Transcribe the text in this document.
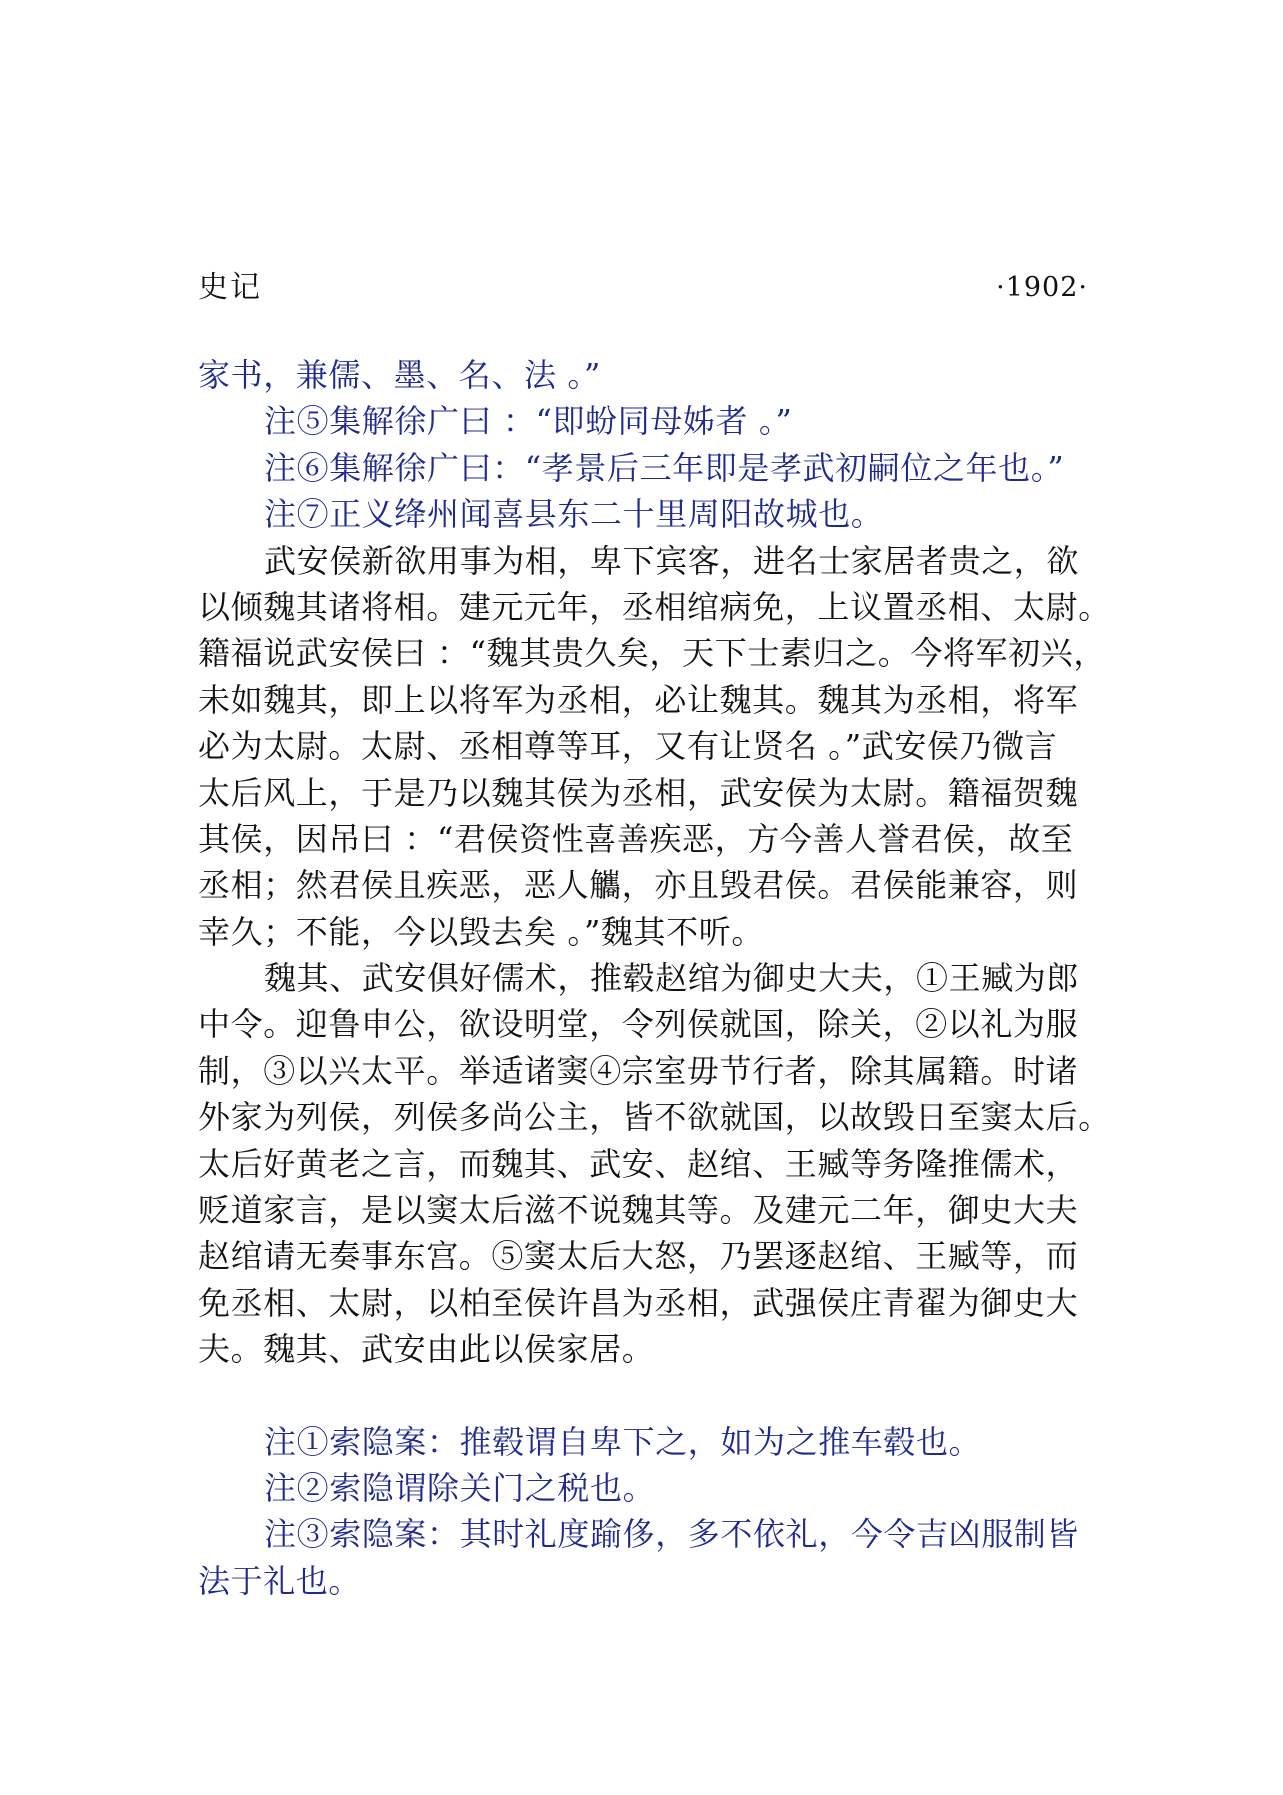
史记	·1902·
家书，兼儒、墨、名、法 。”
注⑤集解徐广曰 ：“即蚡同母姊者 。”
注⑥集解徐广曰：“孝景后三年即是孝武初嗣位之年也。”
注⑦正义绛州闻喜县东二十里周阳故城也。
武安侯新欲用事为相，卑下宾客，进名士家居者贵之，欲
以倾魏其诸将相。建元元年，丞相绾病免，上议置丞相、太尉。
籍福说武安侯曰 ：“魏其贵久矣，天下士素归之。今将军初兴，
未如魏其，即上以将军为丞相，必让魏其。魏其为丞相，将军
必为太尉。太尉、丞相尊等耳，又有让贤名 。”武安侯乃微言
太后风上，于是乃以魏其侯为丞相，武安侯为太尉。籍福贺魏
其侯，因吊曰 ：“君侯资性喜善疾恶，方今善人誉君侯，故至
丞相；然君侯且疾恶，恶人觿，亦且毁君侯。君侯能兼容，则
幸久；不能，今以毁去矣 。”魏其不听。
魏其、武安俱好儒术，推毂赵绾为御史大夫，①王臧为郎
中令。迎鲁申公，欲设明堂，令列侯就国，除关，②以礼为服
制，③以兴太平。举适诸窦④宗室毋节行者，除其属籍。时诸
外家为列侯，列侯多尚公主，皆不欲就国，以故毁日至窦太后。
太后好黄老之言，而魏其、武安、赵绾、王臧等务隆推儒术，
贬道家言，是以窦太后滋不说魏其等。及建元二年，御史大夫
赵绾请无奏事东宫。⑤窦太后大怒，乃罢逐赵绾、王臧等，而
免丞相、太尉，以柏至侯许昌为丞相，武强侯庄青翟为御史大
夫。魏其、武安由此以侯家居。
注①索隐案：推毂谓自卑下之，如为之推车毂也。
注②索隐谓除关门之税也。
注③索隐案：其时礼度踰侈，多不依礼，今令吉凶服制皆
法于礼也。
